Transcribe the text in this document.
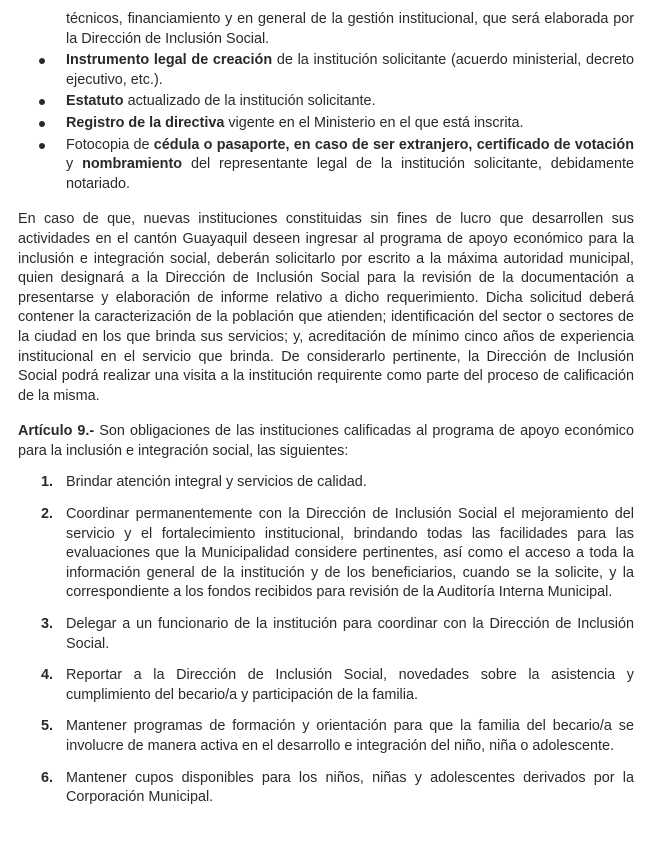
técnicos, financiamiento y en general de la gestión institucional, que será elaborada por la Dirección de Inclusión Social.

Instrumento legal de creación de la institución solicitante (acuerdo ministerial, decreto ejecutivo, etc.).
Estatuto actualizado de la institución solicitante.
Registro de la directiva vigente en el Ministerio en el que está inscrita.
Fotocopia de cédula o pasaporte, en caso de ser extranjero, certificado de votación y nombramiento del representante legal de la institución solicitante, debidamente notariado.

En caso de que, nuevas instituciones constituidas sin fines de lucro que desarrollen sus actividades en el cantón Guayaquil deseen ingresar al programa de apoyo económico para la inclusión e integración social, deberán solicitarlo por escrito a la máxima autoridad municipal, quien designará a la Dirección de Inclusión Social para la revisión de la documentación a presentarse y elaboración de informe relativo a dicho requerimiento. Dicha solicitud deberá contener la caracterización de la población que atienden; identificación del sector o sectores de la ciudad en los que brinda sus servicios; y, acreditación de mínimo cinco años de experiencia institucional en el servicio que brinda. De considerarlo pertinente, la Dirección de Inclusión Social podrá realizar una visita a la institución requirente como parte del proceso de calificación de la misma.

Artículo 9.- Son obligaciones de las instituciones calificadas al programa de apoyo económico para la inclusión e integración social, las siguientes:

1. Brindar atención integral y servicios de calidad.
2. Coordinar permanentemente con la Dirección de Inclusión Social el mejoramiento del servicio y el fortalecimiento institucional, brindando todas las facilidades para las evaluaciones que la Municipalidad considere pertinentes, así como el acceso a toda la información general de la institución y de los beneficiarios, cuando se la solicite, y la correspondiente a los fondos recibidos para revisión de la Auditoría Interna Municipal.
3. Delegar a un funcionario de la institución para coordinar con la Dirección de Inclusión Social.
4. Reportar a la Dirección de Inclusión Social, novedades sobre la asistencia y cumplimiento del becario/a y participación de la familia.
5. Mantener programas de formación y orientación para que la familia del becario/a se involucre de manera activa en el desarrollo e integración del niño, niña o adolescente.
6. Mantener cupos disponibles para los niños, niñas y adolescentes derivados por la Corporación Municipal.
